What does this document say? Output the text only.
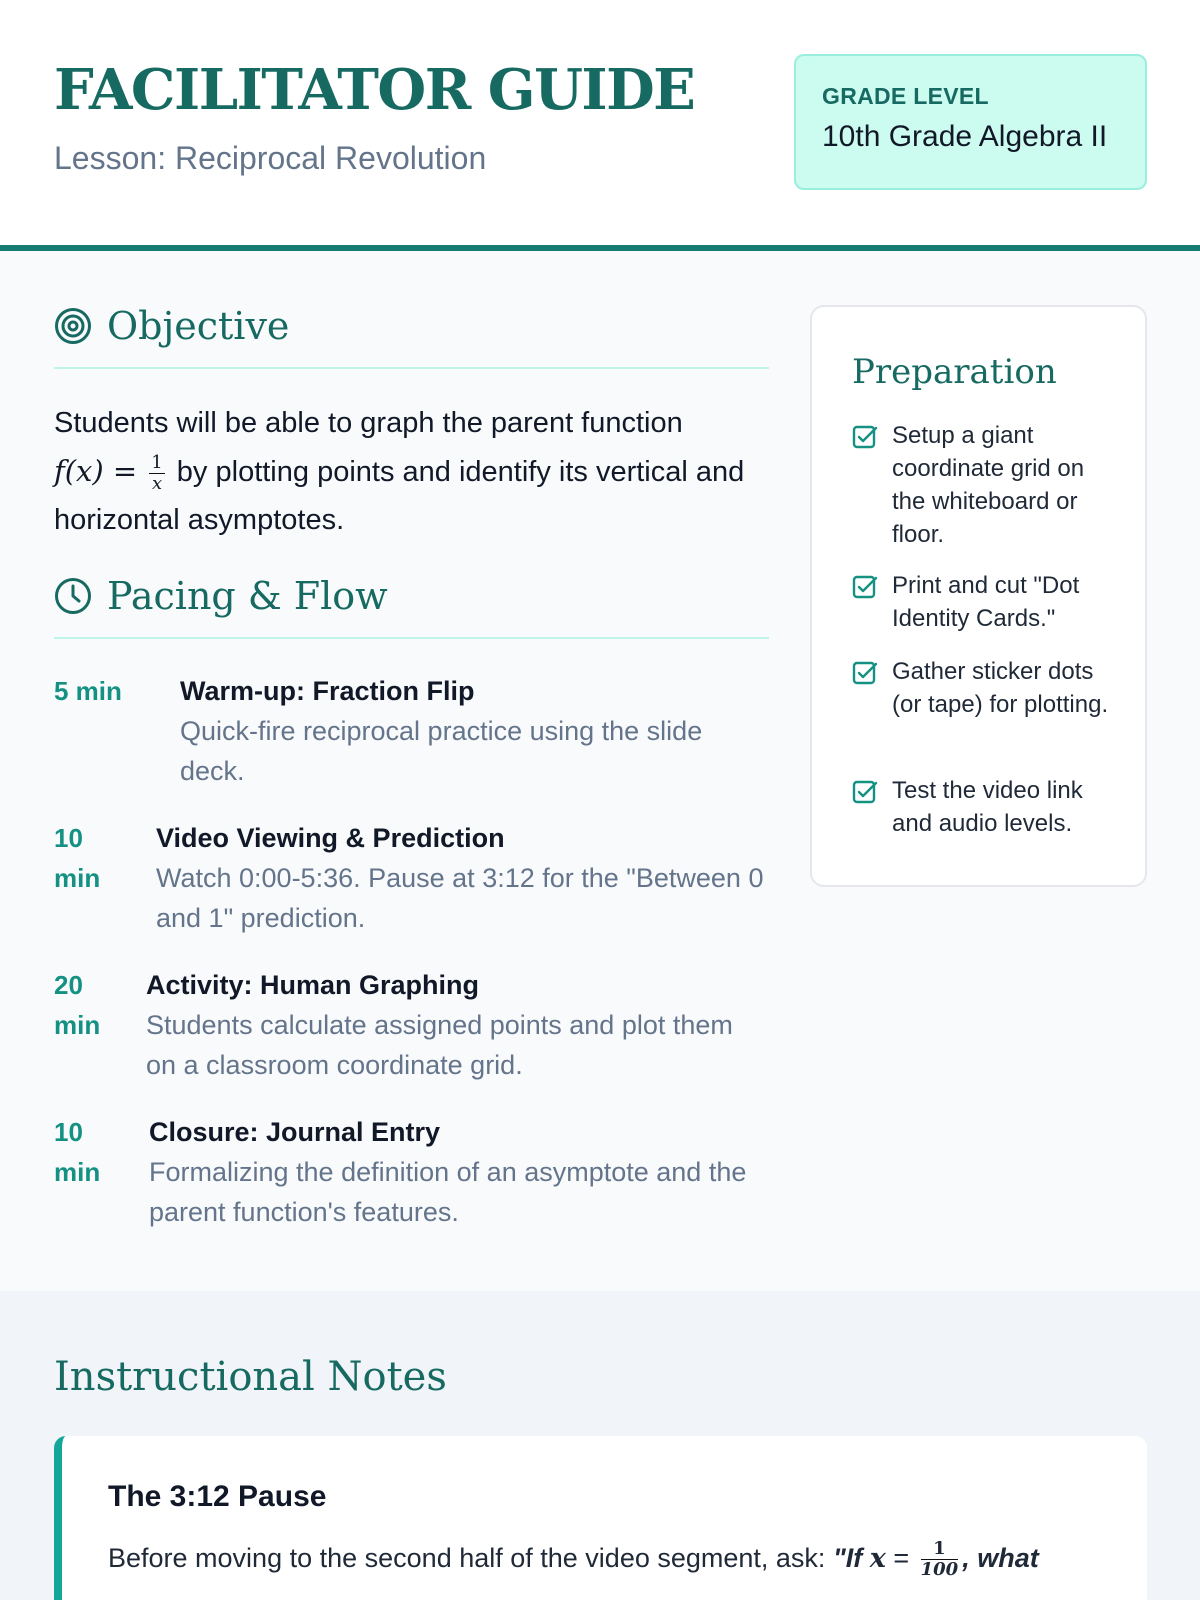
FACILITATOR GUIDE
Lesson: Reciprocal Revolution
GRADE LEVEL
10th Grade Algebra II
Objective
Students will be able to graph the parent function
$f(x) = \frac{1}{x}$ by plotting points and identify its vertical and horizontal asymptotes.
Pacing & Flow
5 min	Warm-up: Fraction Flip
Quick-fire reciprocal practice using the slide deck.
10 min
Video Viewing & Prediction
Watch 0:00-5:36. Pause at 3:12 for the "Between 0 and 1" prediction.
20 min
Activity: Human Graphing
Students calculate assigned points and plot them on a classroom coordinate grid.
10 min
Closure: Journal Entry
Formalizing the definition of an asymptote and the parent function's features.
Preparation
Setup a giant coordinate grid on the whiteboard or floor.
Print and cut "Dot Identity Cards."
Gather sticker dots (or tape) for plotting.
Test the video link and audio levels.
Instructional Notes
The 3:12 Pause
Before moving to the second half of the video segment, ask: "If $x = \frac{1}{100}$ , what
